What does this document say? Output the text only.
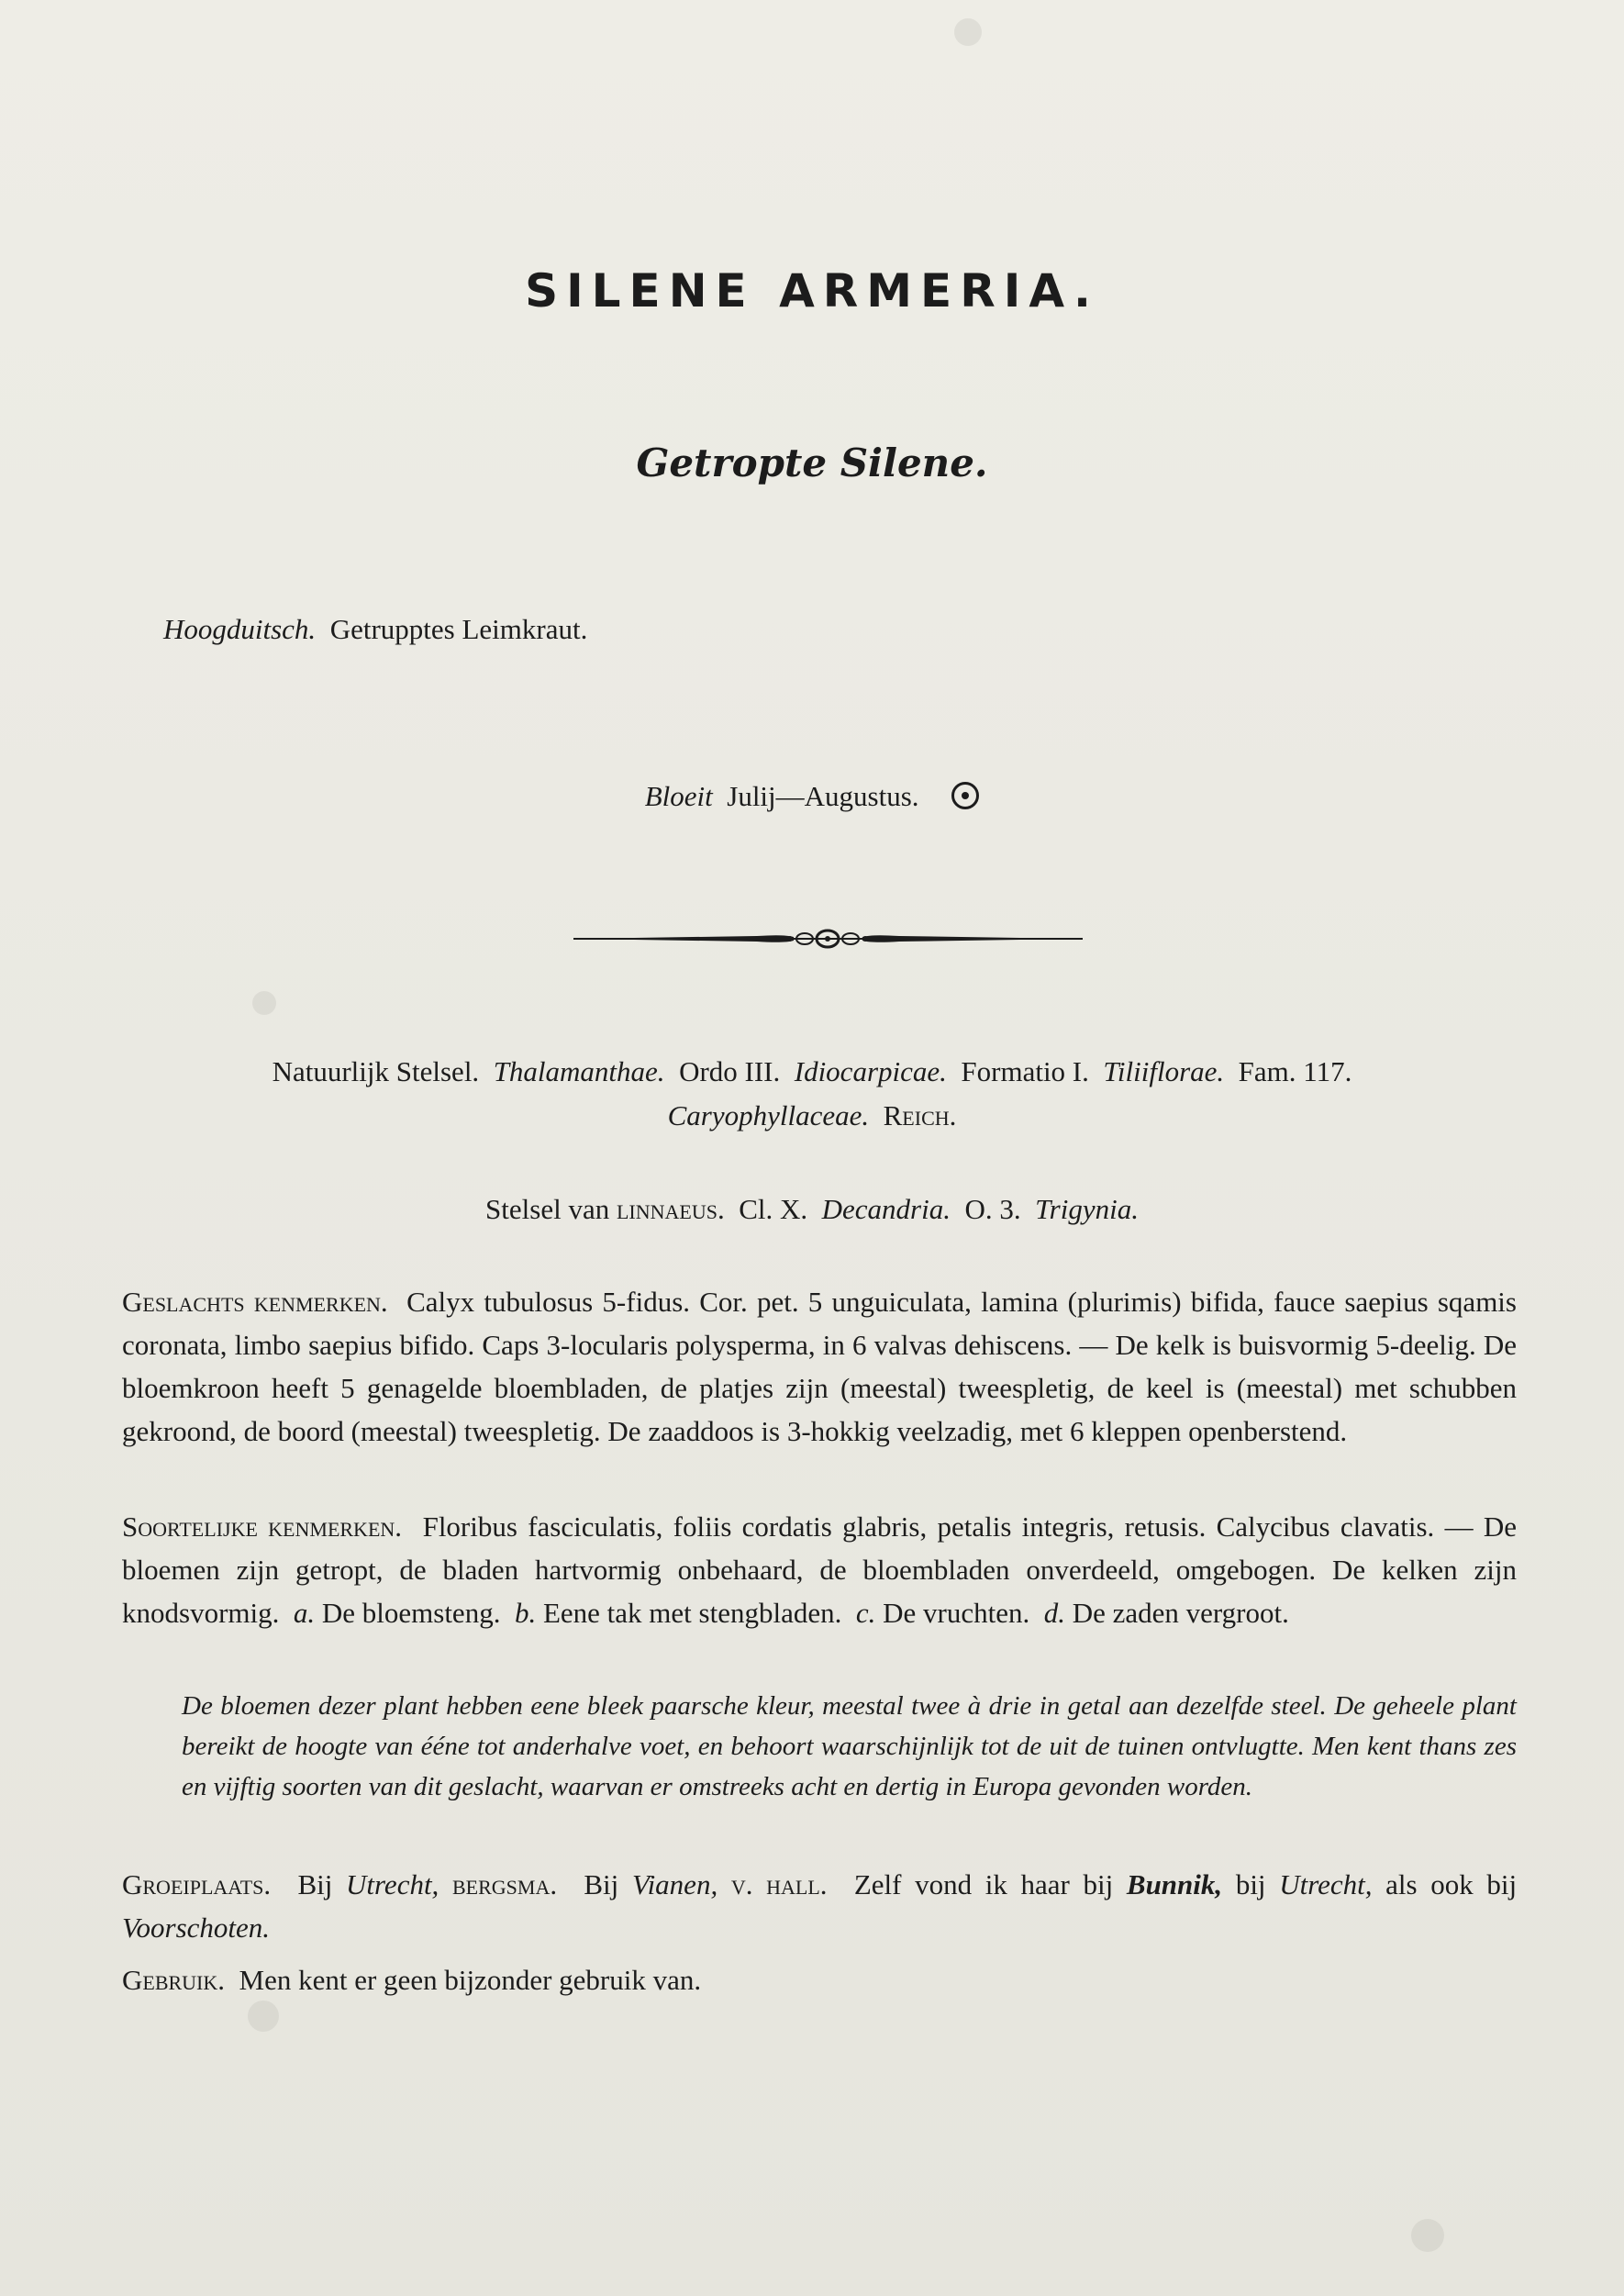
SILENE ARMERIA.
Getropte Silene.
Hoogduitsch. Getrupptes Leimkraut.
Bloeit Julij—Augustus.
Natuurlijk Stelsel. Thalamanthae. Ordo III. Idiocarpicae. Formatio I. Tiliiflorae. Fam. 117.
Caryophyllaceae. Reich.
Stelsel van linnaeus. Cl. X. Decandria. O. 3. Trigynia.
Geslachts kenmerken. Calyx tubulosus 5-fidus. Cor. pet. 5 unguiculata, lamina (plurimis) bifida, fauce saepius sqamis coronata, limbo saepius bifido. Caps 3-locularis polysperma, in 6 valvas dehiscens. — De kelk is buisvormig 5-deelig. De bloemkroon heeft 5 genagelde bloembladen, de platjes zijn (meestal) tweespletig, de keel is (meestal) met schubben gekroond, de boord (meestal) tweespletig. De zaaddoos is 3-hokkig veelzadig, met 6 kleppen openberstend.
Soortelijke kenmerken. Floribus fasciculatis, foliis cordatis glabris, petalis integris, retusis. Calycibus clavatis. — De bloemen zijn getropt, de bladen hartvormig onbehaard, de bloembladen onverdeeld, omgebogen. De kelken zijn knodsvormig. a. De bloemsteng. b. Eene tak met stengbladen. c. De vruchten. d. De zaden vergroot.
De bloemen dezer plant hebben eene bleek paarsche kleur, meestal twee à drie in getal aan dezelfde steel. De geheele plant bereikt de hoogte van ééne tot anderhalve voet, en behoort waarschijnlijk tot de uit de tuinen ontvlugtte. Men kent thans zes en vijftig soorten van dit geslacht, waarvan er omstreeks acht en dertig in Europa gevonden worden.
Groeiplaats. Bij Utrecht, bergsma. Bij Vianen, v. hall. Zelf vond ik haar bij Bunnik, bij Utrecht, als ook bij Voorschoten.
Gebruik. Men kent er geen bijzonder gebruik van.
